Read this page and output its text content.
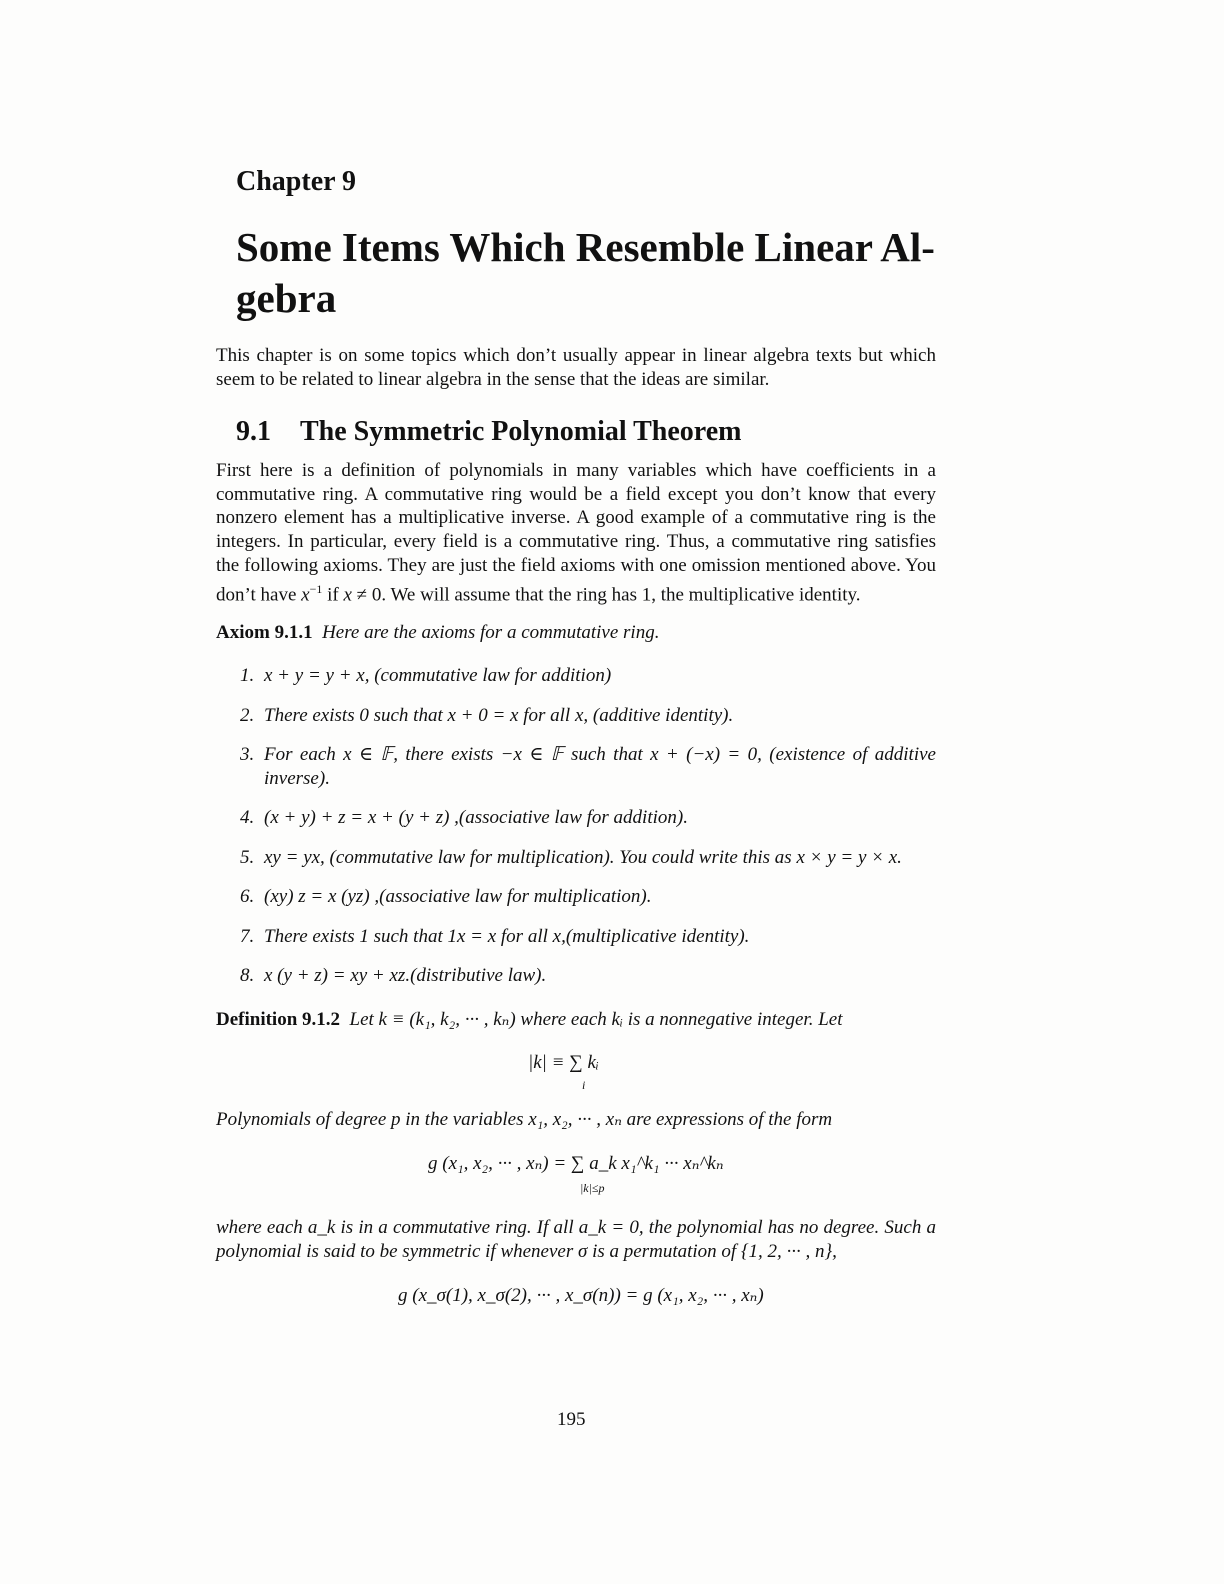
Chapter 9
Some Items Which Resemble Linear Al-
gebra

This chapter is on some topics which don’t usually appear in linear algebra texts but which seem to be related to linear algebra in the sense that the ideas are similar.

9.1 The Symmetric Polynomial Theorem

First here is a definition of polynomials in many variables which have coefficients in a commutative ring. A commutative ring would be a field except you don’t know that every nonzero element has a multiplicative inverse. A good example of a commutative ring is the integers. In particular, every field is a commutative ring. Thus, a commutative ring satisfies the following axioms. They are just the field axioms with one omission mentioned above. You don’t have $x^{-1}$ if x ≠ 0. We will assume that the ring has 1, the multiplicative identity.

Axiom 9.1.1 Here are the axioms for a commutative ring.
1. x + y = y + x, (commutative law for addition)
2. There exists 0 such that x + 0 = x for all x, (additive identity).
3. For each x ∈ 𝔽, there exists −x ∈ 𝔽 such that x + (−x) = 0, (existence of additive inverse).
4. (x + y) + z = x + (y + z) ,(associative law for addition).
5. xy = yx, (commutative law for multiplication). You could write this as x × y = y × x.
6. (xy) z = x (yz) ,(associative law for multiplication).
7. There exists 1 such that 1x = x for all x,(multiplicative identity).
8. x (y + z) = xy + xz.(distributive law).
Definition 9.1.2 Let k ≡ (k₁, k₂, ··· , kₙ) where each kᵢ is a nonnegative integer. Let
|k| ≡ ∑ kᵢ
i
Polynomials of degree p in the variables x₁, x₂, ··· , xₙ are expressions of the form
g (x₁, x₂, ··· , xₙ) = ∑ a_k x₁^k₁ ··· xₙ^kₙ
|k|≤p
where each a_k is in a commutative ring. If all a_k = 0, the polynomial has no degree. Such a polynomial is said to be symmetric if whenever σ is a permutation of {1, 2, ··· , n},
g (x_σ(1), x_σ(2), ··· , x_σ(n)) = g (x₁, x₂, ··· , xₙ)
195
